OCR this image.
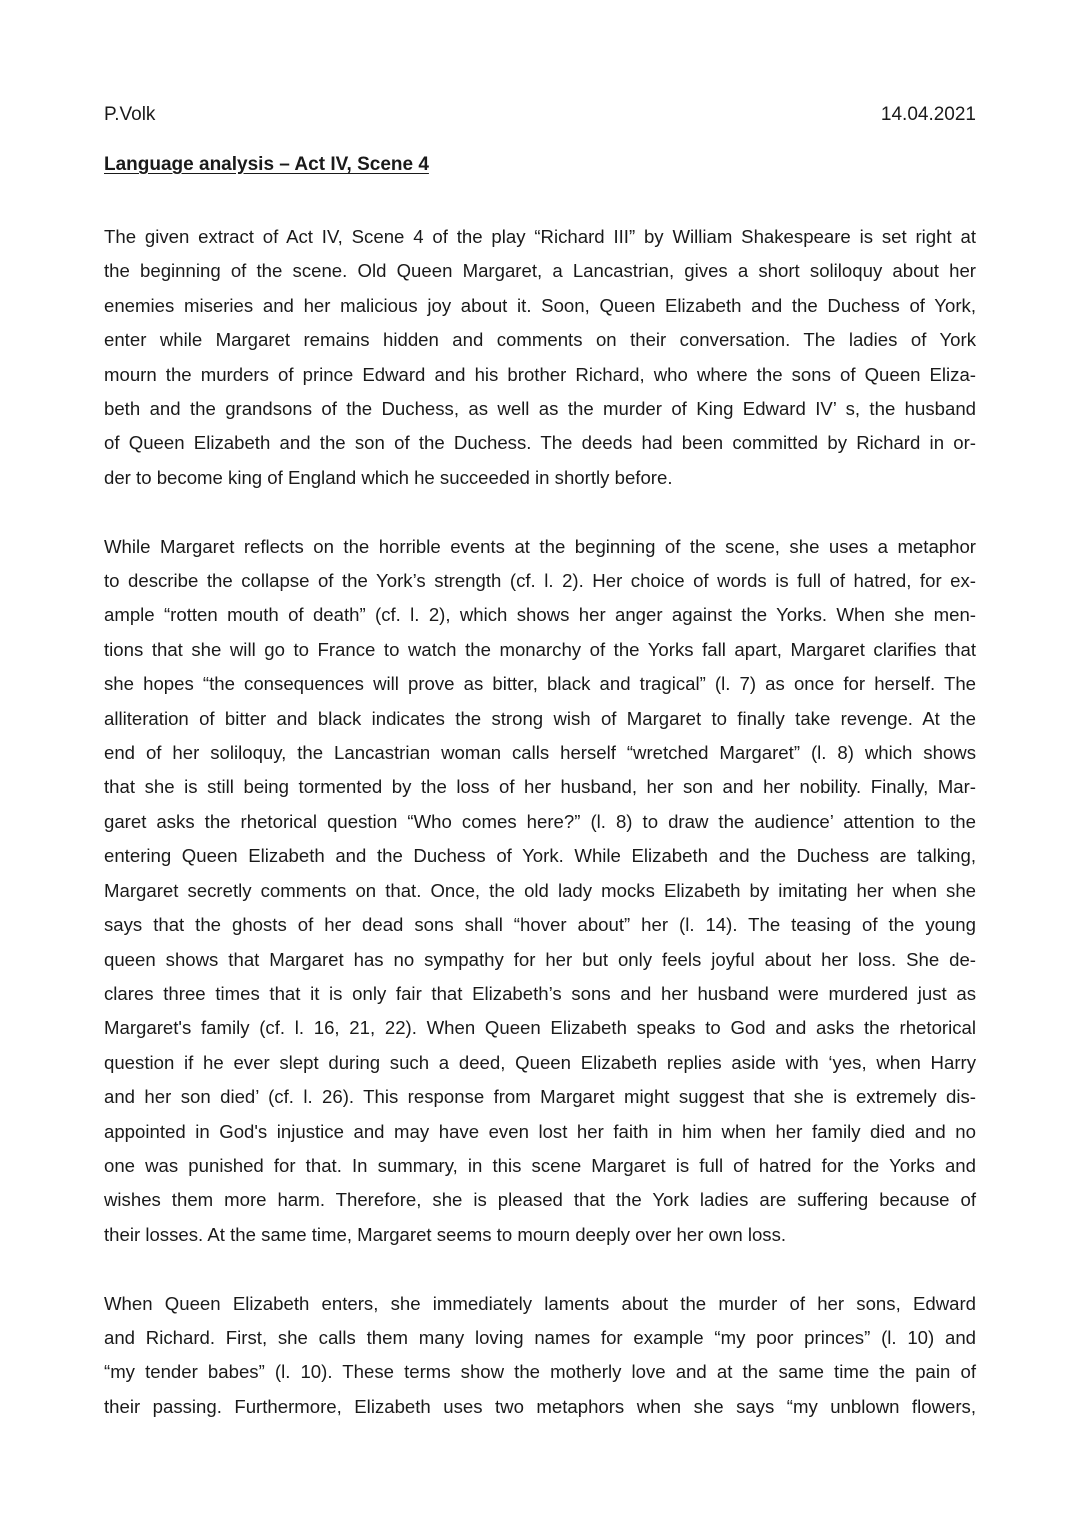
P.Volk	14.04.2021
Language analysis – Act IV, Scene 4
The given extract of Act IV, Scene 4 of the play “Richard III” by William Shakespeare is set right at
the beginning of the scene. Old Queen Margaret, a Lancastrian, gives a short soliloquy about her
enemies miseries and her malicious joy about it. Soon, Queen Elizabeth and the Duchess of York,
enter while Margaret remains hidden and comments on their conversation. The ladies of York
mourn the murders of prince Edward and his brother Richard, who where the sons of Queen Eliza-
beth and the grandsons of the Duchess, as well as the murder of King Edward IV’ s, the husband
of Queen Elizabeth and the son of the Duchess. The deeds had been committed by Richard in or-
der to become king of England which he succeeded in shortly before.
While Margaret reflects on the horrible events at the beginning of the scene, she uses a metaphor
to describe the collapse of the York’s strength (cf. l. 2). Her choice of words is full of hatred, for ex-
ample “rotten mouth of death” (cf. l. 2), which shows her anger against the Yorks. When she men-
tions that she will go to France to watch the monarchy of the Yorks fall apart, Margaret clarifies that
she hopes “the consequences will prove as bitter, black and tragical” (l. 7) as once for herself. The
alliteration of bitter and black indicates the strong wish of Margaret to finally take revenge. At the
end of her soliloquy, the Lancastrian woman calls herself “wretched Margaret” (l. 8) which shows
that she is still being tormented by the loss of her husband, her son and her nobility. Finally, Mar-
garet asks the rhetorical question “Who comes here?” (l. 8) to draw the audience’ attention to the
entering Queen Elizabeth and the Duchess of York. While Elizabeth and the Duchess are talking,
Margaret secretly comments on that. Once, the old lady mocks Elizabeth by imitating her when she
says that the ghosts of her dead sons shall “hover about” her (l. 14). The teasing of the young
queen shows that Margaret has no sympathy for her but only feels joyful about her loss. She de-
clares three times that it is only fair that Elizabeth’s sons and her husband were murdered just as
Margaret's family (cf. l. 16, 21, 22). When Queen Elizabeth speaks to God and asks the rhetorical
question if he ever slept during such a deed, Queen Elizabeth replies aside with ‘yes, when Harry
and her son died’ (cf. l. 26). This response from Margaret might suggest that she is extremely dis-
appointed in God's injustice and may have even lost her faith in him when her family died and no
one was punished for that. In summary, in this scene Margaret is full of hatred for the Yorks and
wishes them more harm. Therefore, she is pleased that the York ladies are suffering because of
their losses. At the same time, Margaret seems to mourn deeply over her own loss.
When Queen Elizabeth enters, she immediately laments about the murder of her sons, Edward
and Richard. First, she calls them many loving names for example “my poor princes” (l. 10) and
“my tender babes” (l. 10). These terms show the motherly love and at the same time the pain of
their passing. Furthermore, Elizabeth uses two metaphors when she says “my unblown flowers,
